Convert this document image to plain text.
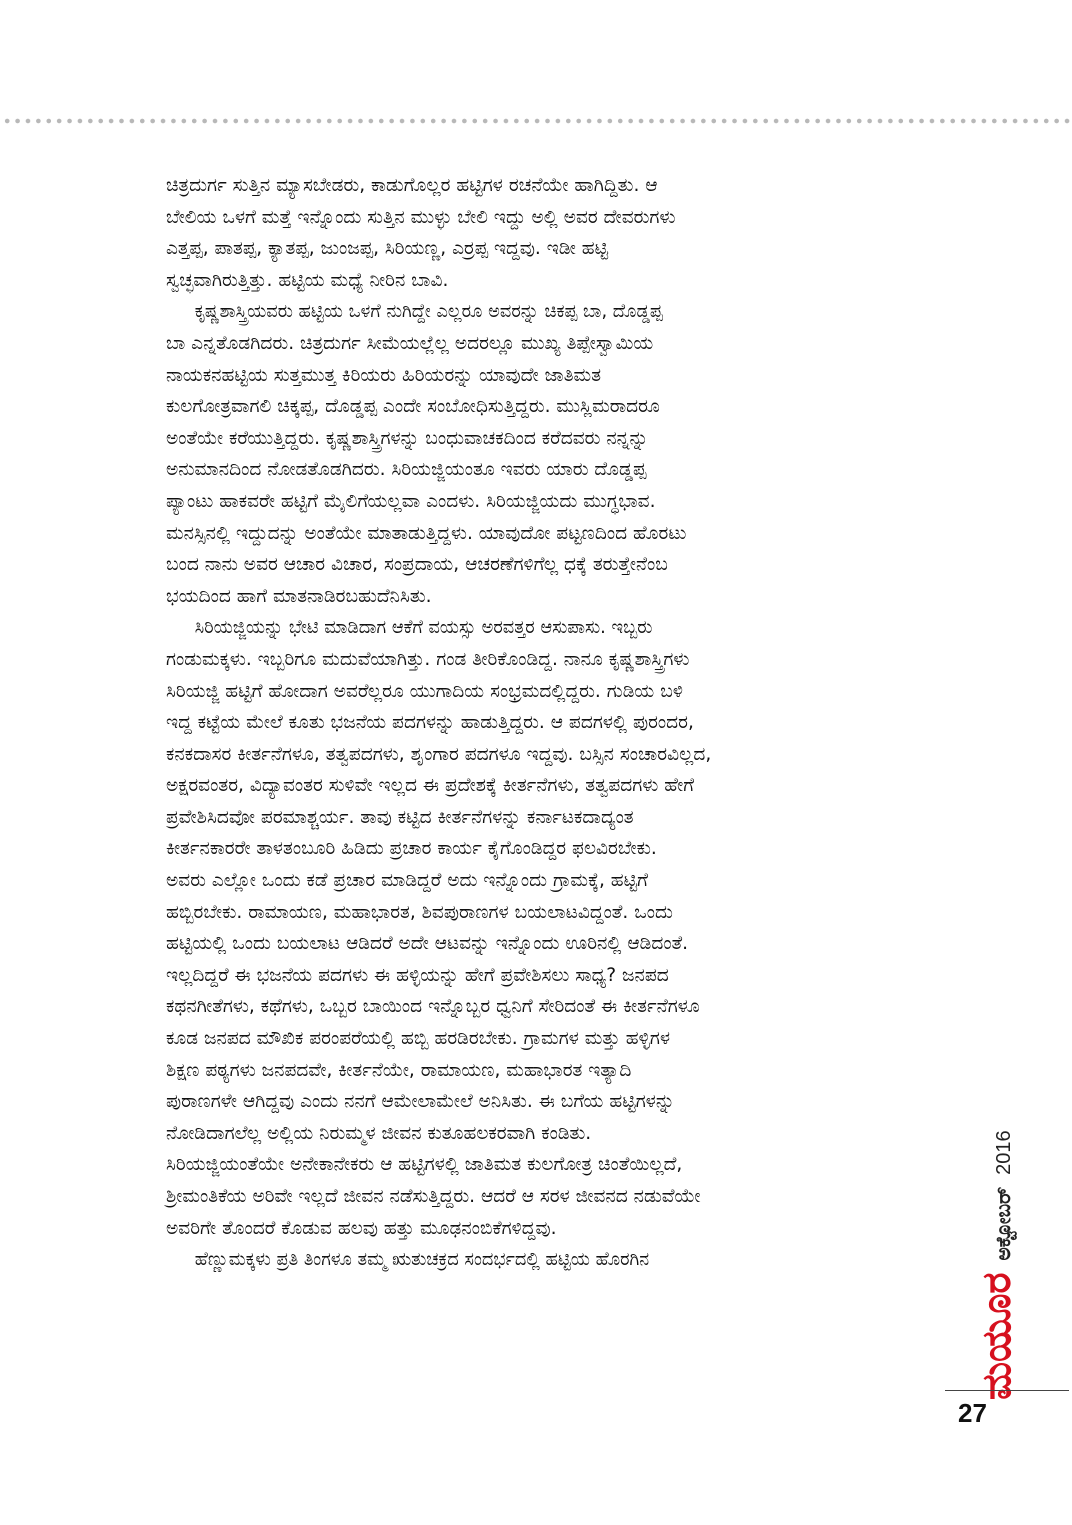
ಚಿತ್ರದುರ್ಗ ಸುತ್ತಿನ ಮ್ಯಾಸಬೇಡರು, ಕಾಡುಗೊಲ್ಲರ ಹಟ್ಟಿಗಳ ರಚನೆಯೇ ಹಾಗಿದ್ದಿತು. ಆ
ಬೇಲಿಯ ಒಳಗೆ ಮತ್ತೆ ಇನ್ನೊಂದು ಸುತ್ತಿನ ಮುಳ್ಳು ಬೇಲಿ ಇದ್ದು ಅಲ್ಲಿ ಅವರ ದೇವರುಗಳು
ಎತ್ತಪ್ಪ, ಪಾತಪ್ಪ, ಕ್ಯಾತಪ್ಪ, ಜುಂಜಪ್ಪ, ಸಿರಿಯಣ್ಣ, ಎರ್ರಪ್ಪ ಇದ್ದವು. ಇಡೀ ಹಟ್ಟಿ
ಸ್ವಚ್ಛವಾಗಿರುತ್ತಿತ್ತು. ಹಟ್ಟಿಯ ಮಧ್ಯೆ ನೀರಿನ ಬಾವಿ.

ಕೃಷ್ಣಶಾಸ್ತ್ರಿಯವರು ಹಟ್ಟಿಯ ಒಳಗೆ ನುಗಿದ್ದೇ ಎಲ್ಲರೂ ಅವರನ್ನು ಚಿಕಪ್ಪ ಬಾ, ದೊಡ್ಡಪ್ಪ
ಬಾ ಎನ್ನತೊಡಗಿದರು. ಚಿತ್ರದುರ್ಗ ಸೀಮೆಯಲ್ಲೆಲ್ಲ ಅದರಲ್ಲೂ ಮುಖ್ಯ ತಿಪ್ಪೇಸ್ವಾಮಿಯ
ನಾಯಕನಹಟ್ಟಿಯ ಸುತ್ತಮುತ್ತ ಕಿರಿಯರು ಹಿರಿಯರನ್ನು ಯಾವುದೇ ಜಾತಿಮತ
ಕುಲಗೋತ್ರವಾಗಲಿ ಚಿಕ್ಕಪ್ಪ, ದೊಡ್ಡಪ್ಪ ಎಂದೇ ಸಂಬೋಧಿಸುತ್ತಿದ್ದರು. ಮುಸ್ಲಿಮರಾದರೂ
ಅಂತೆಯೇ ಕರೆಯುತ್ತಿದ್ದರು. ಕೃಷ್ಣಶಾಸ್ತ್ರಿಗಳನ್ನು ಬಂಧುವಾಚಕದಿಂದ ಕರೆದವರು ನನ್ನನ್ನು
ಅನುಮಾನದಿಂದ ನೋಡತೊಡಗಿದರು. ಸಿರಿಯಜ್ಜಿಯಂತೂ ಇವರು ಯಾರು ದೊಡ್ಡಪ್ಪ
ಪ್ಯಾಂಟು ಹಾಕವರೇ ಹಟ್ಟಿಗೆ ಮೈಲಿಗೆಯಲ್ಲವಾ ಎಂದಳು. ಸಿರಿಯಜ್ಜಿಯದು ಮುಗ್ಧಭಾವ.
ಮನಸ್ಸಿನಲ್ಲಿ ಇದ್ದುದನ್ನು ಅಂತೆಯೇ ಮಾತಾಡುತ್ತಿದ್ದಳು. ಯಾವುದೋ ಪಟ್ಟಣದಿಂದ ಹೊರಟು
ಬಂದ ನಾನು ಅವರ ಆಚಾರ ವಿಚಾರ, ಸಂಪ್ರದಾಯ, ಆಚರಣೆಗಳಿಗೆಲ್ಲ ಧಕ್ಕೆ ತರುತ್ತೇನೆಂಬ
ಭಯದಿಂದ ಹಾಗೆ ಮಾತನಾಡಿರಬಹುದೆನಿಸಿತು.

ಸಿರಿಯಜ್ಜಿಯನ್ನು ಭೇಟಿ ಮಾಡಿದಾಗ ಆಕೆಗೆ ವಯಸ್ಸು ಅರವತ್ತರ ಆಸುಪಾಸು. ಇಬ್ಬರು
ಗಂಡುಮಕ್ಕಳು. ಇಬ್ಬರಿಗೂ ಮದುವೆಯಾಗಿತ್ತು. ಗಂಡ ತೀರಿಕೊಂಡಿದ್ದ. ನಾನೂ ಕೃಷ್ಣಶಾಸ್ತ್ರಿಗಳು
ಸಿರಿಯಜ್ಜಿ ಹಟ್ಟಿಗೆ ಹೋದಾಗ ಅವರೆಲ್ಲರೂ ಯುಗಾದಿಯ ಸಂಭ್ರಮದಲ್ಲಿದ್ದರು. ಗುಡಿಯ ಬಳಿ
ಇದ್ದ ಕಟ್ಟೆಯ ಮೇಲೆ ಕೂತು ಭಜನೆಯ ಪದಗಳನ್ನು ಹಾಡುತ್ತಿದ್ದರು. ಆ ಪದಗಳಲ್ಲಿ ಪುರಂದರ,
ಕನಕದಾಸರ ಕೀರ್ತನೆಗಳೂ, ತತ್ವಪದಗಳು, ಶೃಂಗಾರ ಪದಗಳೂ ಇದ್ದವು. ಬಸ್ಸಿನ ಸಂಚಾರವಿಲ್ಲದ,
ಅಕ್ಷರವಂತರ, ವಿದ್ಯಾವಂತರ ಸುಳಿವೇ ಇಲ್ಲದ ಈ ಪ್ರದೇಶಕ್ಕೆ ಕೀರ್ತನೆಗಳು, ತತ್ವಪದಗಳು ಹೇಗೆ
ಪ್ರವೇಶಿಸಿದವೋ ಪರಮಾಶ್ಚರ್ಯ. ತಾವು ಕಟ್ಟಿದ ಕೀರ್ತನೆಗಳನ್ನು ಕರ್ನಾಟಕದಾದ್ಯಂತ
ಕೀರ್ತನಕಾರರೇ ತಾಳತಂಬೂರಿ ಹಿಡಿದು ಪ್ರಚಾರ ಕಾರ್ಯ ಕೈಗೊಂಡಿದ್ದರ ಫಲವಿರಬೇಕು.
ಅವರು ಎಲ್ಲೋ ಒಂದು ಕಡೆ ಪ್ರಚಾರ ಮಾಡಿದ್ದರೆ ಅದು ಇನ್ನೊಂದು ಗ್ರಾಮಕ್ಕೆ, ಹಟ್ಟಿಗೆ
ಹಬ್ಬಿರಬೇಕು. ರಾಮಾಯಣ, ಮಹಾಭಾರತ, ಶಿವಪುರಾಣಗಳ ಬಯಲಾಟವಿದ್ದಂತೆ. ಒಂದು
ಹಟ್ಟಿಯಲ್ಲಿ ಒಂದು ಬಯಲಾಟ ಆಡಿದರೆ ಅದೇ ಆಟವನ್ನು ಇನ್ನೊಂದು ಊರಿನಲ್ಲಿ ಆಡಿದಂತೆ.
ಇಲ್ಲದಿದ್ದರೆ ಈ ಭಜನೆಯ ಪದಗಳು ಈ ಹಳ್ಳಿಯನ್ನು ಹೇಗೆ ಪ್ರವೇಶಿಸಲು ಸಾಧ್ಯ? ಜನಪದ
ಕಥನಗೀತೆಗಳು, ಕಥೆಗಳು, ಒಬ್ಬರ ಬಾಯಿಂದ ಇನ್ನೊಬ್ಬರ ಧ್ವನಿಗೆ ಸೇರಿದಂತೆ ಈ ಕೀರ್ತನೆಗಳೂ
ಕೂಡ ಜನಪದ ಮೌಖಿಕ ಪರಂಪರೆಯಲ್ಲಿ ಹಬ್ಬಿ ಹರಡಿರಬೇಕು. ಗ್ರಾಮಗಳ ಮತ್ತು ಹಳ್ಳಿಗಳ
ಶಿಕ್ಷಣ ಪಠ್ಯಗಳು ಜನಪದವೇ, ಕೀರ್ತನೆಯೇ, ರಾಮಾಯಣ, ಮಹಾಭಾರತ ಇತ್ಯಾದಿ
ಪುರಾಣಗಳೇ ಆಗಿದ್ದವು ಎಂದು ನನಗೆ ಆಮೇಲಾಮೇಲೆ ಅನಿಸಿತು. ಈ ಬಗೆಯ ಹಟ್ಟಿಗಳನ್ನು
ನೋಡಿದಾಗಲೆಲ್ಲ ಅಲ್ಲಿಯ ನಿರುಮ್ಮಳ ಜೀವನ ಕುತೂಹಲಕರವಾಗಿ ಕಂಡಿತು.
ಸಿರಿಯಜ್ಜಿಯಂತೆಯೇ ಅನೇಕಾನೇಕರು ಆ ಹಟ್ಟಿಗಳಲ್ಲಿ ಜಾತಿಮತ ಕುಲಗೋತ್ರ ಚಿಂತೆಯಿಲ್ಲದೆ,
ಶ್ರೀಮಂತಿಕೆಯ ಅರಿವೇ ಇಲ್ಲದೆ ಜೀವನ ನಡೆಸುತ್ತಿದ್ದರು. ಆದರೆ ಆ ಸರಳ ಜೀವನದ ನಡುವೆಯೇ
ಅವರಿಗೇ ತೊಂದರೆ ಕೊಡುವ ಹಲವು ಹತ್ತು ಮೂಢನಂಬಿಕೆಗಳಿದ್ದವು.

ಹೆಣ್ಣುಮಕ್ಕಳು ಪ್ರತಿ ತಿಂಗಳೂ ತಮ್ಮ ಋತುಚಕ್ರದ ಸಂದರ್ಭದಲ್ಲಿ ಹಟ್ಟಿಯ ಹೊರಗಿನ

ಮಯೂರ
ಅಕ್ಟೋಬರ್
2016
27
